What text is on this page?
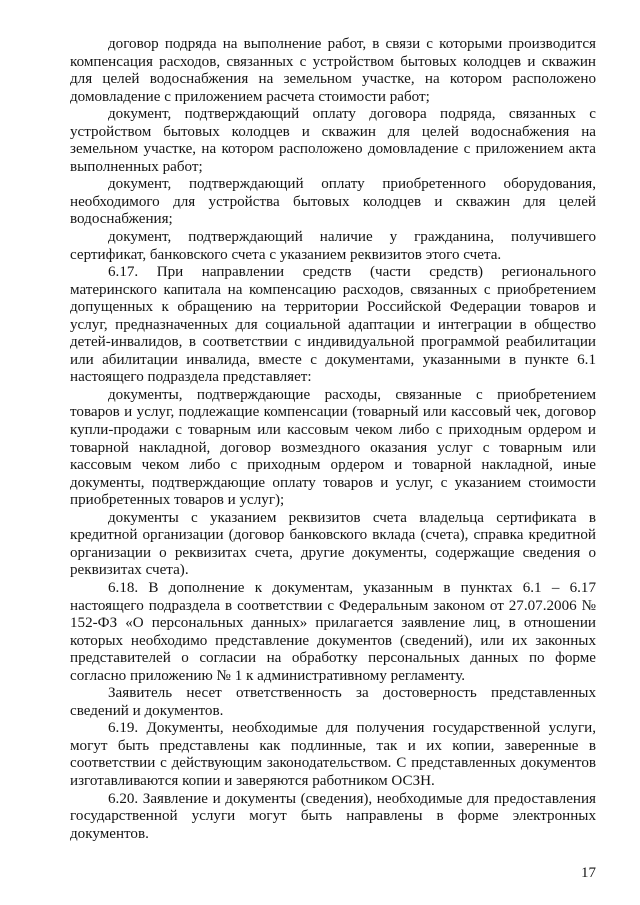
договор подряда на выполнение работ, в связи с которыми производится компенсация расходов, связанных с устройством бытовых колодцев и скважин для целей водоснабжения на земельном участке, на котором расположено домовладение с приложением расчета стоимости работ;

документ, подтверждающий оплату договора подряда, связанных с устройством бытовых колодцев и скважин для целей водоснабжения на земельном участке, на котором расположено домовладение с приложением акта выполненных работ;

документ, подтверждающий оплату приобретенного оборудования, необходимого для устройства бытовых колодцев и скважин для целей водоснабжения;

документ, подтверждающий наличие у гражданина, получившего сертификат, банковского счета с указанием реквизитов этого счета.

6.17. При направлении средств (части средств) регионального материнского капитала на компенсацию расходов, связанных с приобретением допущенных к обращению на территории Российской Федерации товаров и услуг, предназначенных для социальной адаптации и интеграции в общество детей-инвалидов, в соответствии с индивидуальной программой реабилитации или абилитации инвалида, вместе с документами, указанными в пункте 6.1 настоящего подраздела представляет:

документы, подтверждающие расходы, связанные с приобретением товаров и услуг, подлежащие компенсации (товарный или кассовый чек, договор купли-продажи с товарным или кассовым чеком либо с приходным ордером и товарной накладной, договор возмездного оказания услуг с товарным или кассовым чеком либо с приходным ордером и товарной накладной, иные документы, подтверждающие оплату товаров и услуг, с указанием стоимости приобретенных товаров и услуг);

документы с указанием реквизитов счета владельца сертификата в кредитной организации (договор банковского вклада (счета), справка кредитной организации о реквизитах счета, другие документы, содержащие сведения о реквизитах счета).

6.18. В дополнение к документам, указанным в пунктах 6.1 – 6.17 настоящего подраздела в соответствии с Федеральным законом от 27.07.2006 № 152-ФЗ «О персональных данных» прилагается заявление лиц, в отношении которых необходимо представление документов (сведений), или их законных представителей о согласии на обработку персональных данных по форме согласно приложению № 1 к административному регламенту.

Заявитель несет ответственность за достоверность представленных сведений и документов.

6.19. Документы, необходимые для получения государственной услуги, могут быть представлены как подлинные, так и их копии, заверенные в соответствии с действующим законодательством. С представленных документов изготавливаются копии и заверяются работником ОСЗН.

6.20. Заявление и документы (сведения), необходимые для предоставления государственной услуги могут быть направлены в форме электронных документов.

17
